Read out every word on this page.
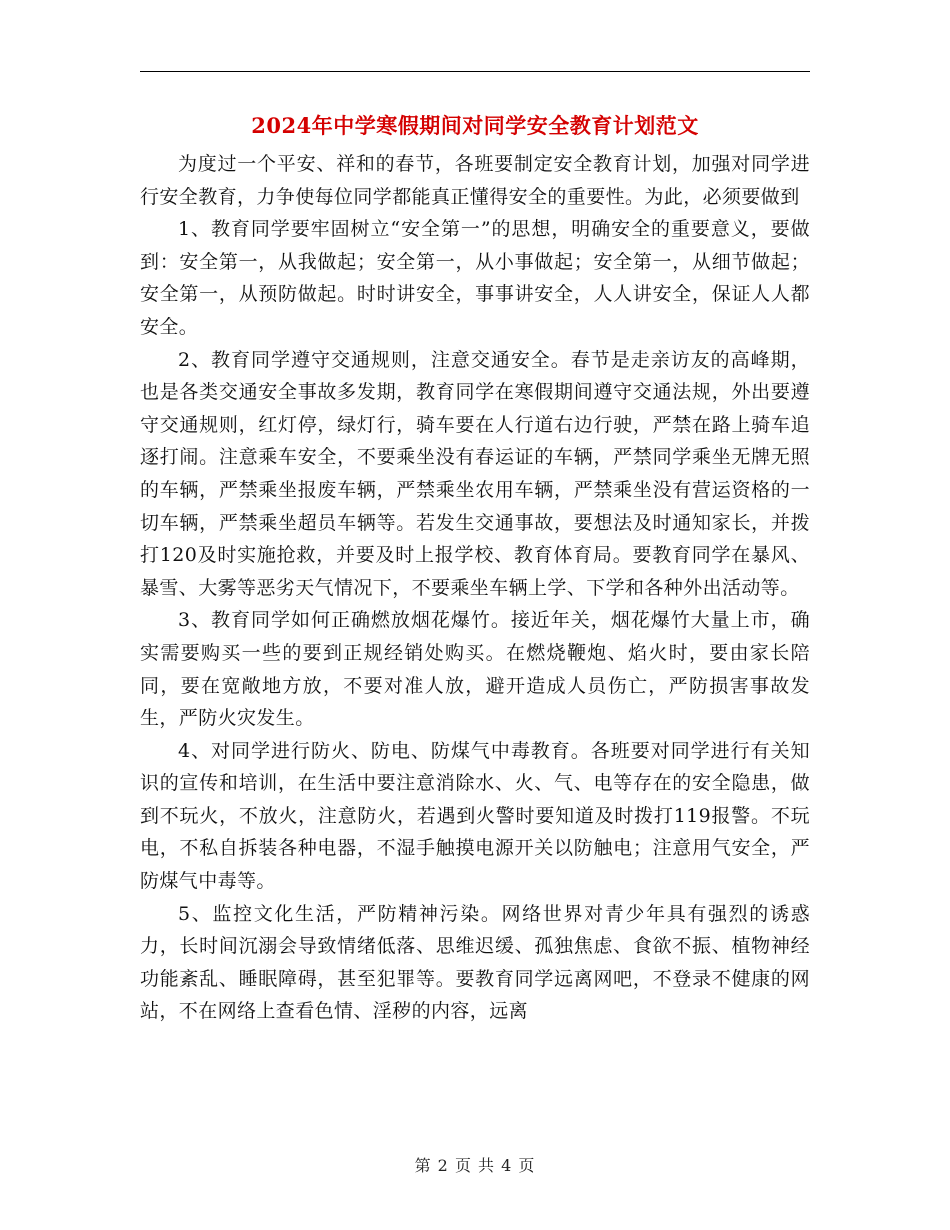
2024年中学寒假期间对同学安全教育计划范文

为度过一个平安、祥和的春节，各班要制定安全教育计划，加强对同学进行安全教育，力争使每位同学都能真正懂得安全的重要性。为此，必须要做到

1、教育同学要牢固树立“安全第一”的思想，明确安全的重要意义，要做到：安全第一，从我做起；安全第一，从小事做起；安全第一，从细节做起；安全第一，从预防做起。时时讲安全，事事讲安全，人人讲安全，保证人人都安全。

2、教育同学遵守交通规则，注意交通安全。春节是走亲访友的高峰期，也是各类交通安全事故多发期，教育同学在寒假期间遵守交通法规，外出要遵守交通规则，红灯停，绿灯行，骑车要在人行道右边行驶，严禁在路上骑车追逐打闹。注意乘车安全，不要乘坐没有春运证的车辆，严禁同学乘坐无牌无照的车辆，严禁乘坐报废车辆，严禁乘坐农用车辆，严禁乘坐没有营运资格的一切车辆，严禁乘坐超员车辆等。若发生交通事故，要想法及时通知家长，并拨打120及时实施抢救，并要及时上报学校、教育体育局。要教育同学在暴风、暴雪、大雾等恶劣天气情况下，不要乘坐车辆上学、下学和各种外出活动等。

3、教育同学如何正确燃放烟花爆竹。接近年关，烟花爆竹大量上市，确实需要购买一些的要到正规经销处购买。在燃烧鞭炮、焰火时，要由家长陪同，要在宽敞地方放，不要对准人放，避开造成人员伤亡，严防损害事故发生，严防火灾发生。

4、对同学进行防火、防电、防煤气中毒教育。各班要对同学进行有关知识的宣传和培训，在生活中要注意消除水、火、气、电等存在的安全隐患，做到不玩火，不放火，注意防火，若遇到火警时要知道及时拨打119报警。不玩电，不私自拆装各种电器，不湿手触摸电源开关以防触电；注意用气安全，严防煤气中毒等。

5、监控文化生活，严防精神污染。网络世界对青少年具有强烈的诱惑力，长时间沉溺会导致情绪低落、思维迟缓、孤独焦虑、食欲不振、植物神经功能紊乱、睡眠障碍，甚至犯罪等。要教育同学远离网吧，不登录不健康的网站，不在网络上查看色情、淫秽的内容，远离

第 2 页 共 4 页
